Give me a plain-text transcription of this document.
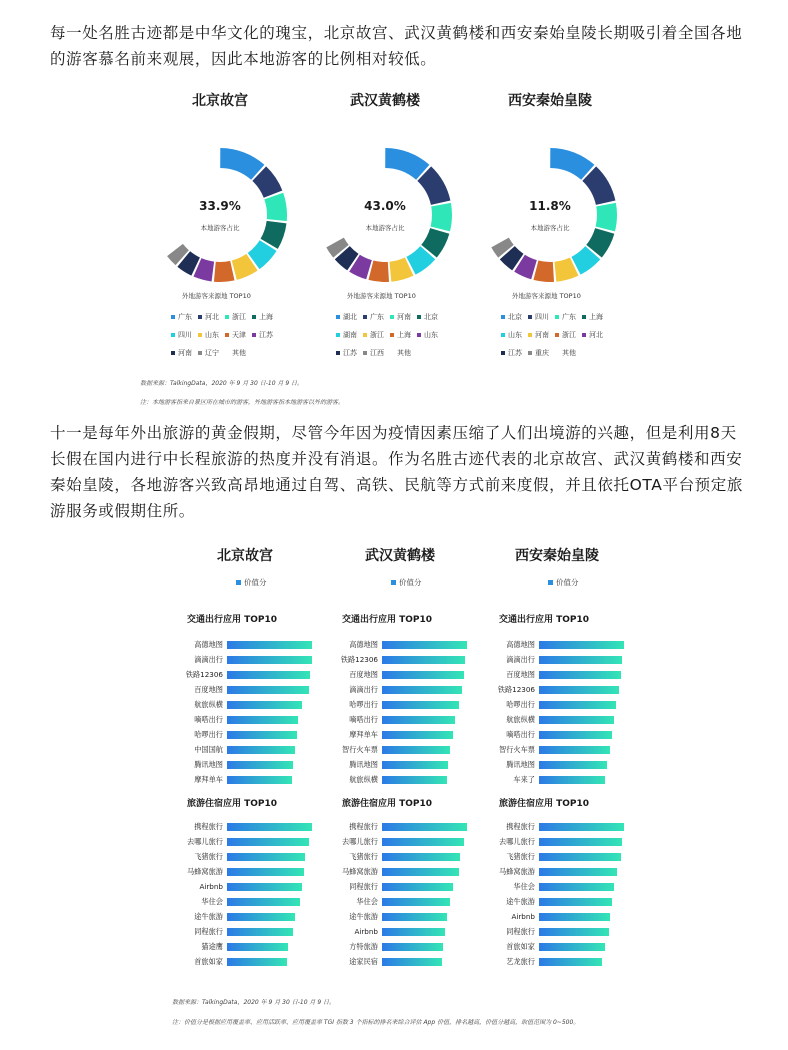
每一处名胜古迹都是中华文化的瑰宝，北京故宫、武汉黄鹤楼和西安秦始皇陵长期吸引着全国各地的游客慕名前来观展，因此本地游客的比例相对较低。
北京故宫
33.9%
本地游客占比
外地游客来源地 TOP10
广东 河北 浙江 上海
四川 山东 天津 江苏
河南 辽宁 其他
武汉黄鹤楼
43.0%
本地游客占比
外地游客来源地 TOP10
湖北 广东 河南 北京
湖南 浙江 上海 山东
江苏 江西 其他
西安秦始皇陵
11.8%
本地游客占比
外地游客来源地 TOP10
北京 四川 广东 上海
山东 河南 浙江 河北
江苏 重庆 其他
数据来源：TalkingData，2020 年 9 月 30 日-10 月 9 日。
注：本地游客指来自景区所在城市的游客，外地游客指本地游客以外的游客。
十一是每年外出旅游的黄金假期，尽管今年因为疫情因素压缩了人们出境游的兴趣，但是利用8天长假在国内进行中长程旅游的热度并没有消退。作为名胜古迹代表的北京故宫、武汉黄鹤楼和西安秦始皇陵，各地游客兴致高昂地通过自驾、高铁、民航等方式前来度假，并且依托OTA平台预定旅游服务或假期住所。
北京故宫
价值分
武汉黄鹤楼
价值分
西安秦始皇陵
价值分
交通出行应用 TOP10
高德地图
滴滴出行
铁路12306
百度地图
航旅纵横
嘀嗒出行
哈啰出行
中国国航
腾讯地图
摩拜单车
交通出行应用 TOP10
高德地图
铁路12306
百度地图
滴滴出行
哈啰出行
嘀嗒出行
摩拜单车
智行火车票
腾讯地图
航旅纵横
交通出行应用 TOP10
高德地图
滴滴出行
百度地图
铁路12306
哈啰出行
航旅纵横
嘀嗒出行
智行火车票
腾讯地图
车来了
旅游住宿应用 TOP10
携程旅行
去哪儿旅行
飞猪旅行
马蜂窝旅游
Airbnb
华住会
途牛旅游
同程旅行
猫途鹰
首旅如家
旅游住宿应用 TOP10
携程旅行
去哪儿旅行
飞猪旅行
马蜂窝旅游
同程旅行
华住会
途牛旅游
Airbnb
方特旅游
途家民宿
旅游住宿应用 TOP10
携程旅行
去哪儿旅行
飞猪旅行
马蜂窝旅游
华住会
途牛旅游
Airbnb
同程旅行
首旅如家
艺龙旅行
数据来源：TalkingData，2020 年 9 月 30 日-10 月 9 日。
注：价值分是根据应用覆盖率、应用活跃率、应用覆盖率 TGI 指数 3 个指标的排名来综合评估 App 价值，排名越高，价值分越高，取值范围为 0~500。
